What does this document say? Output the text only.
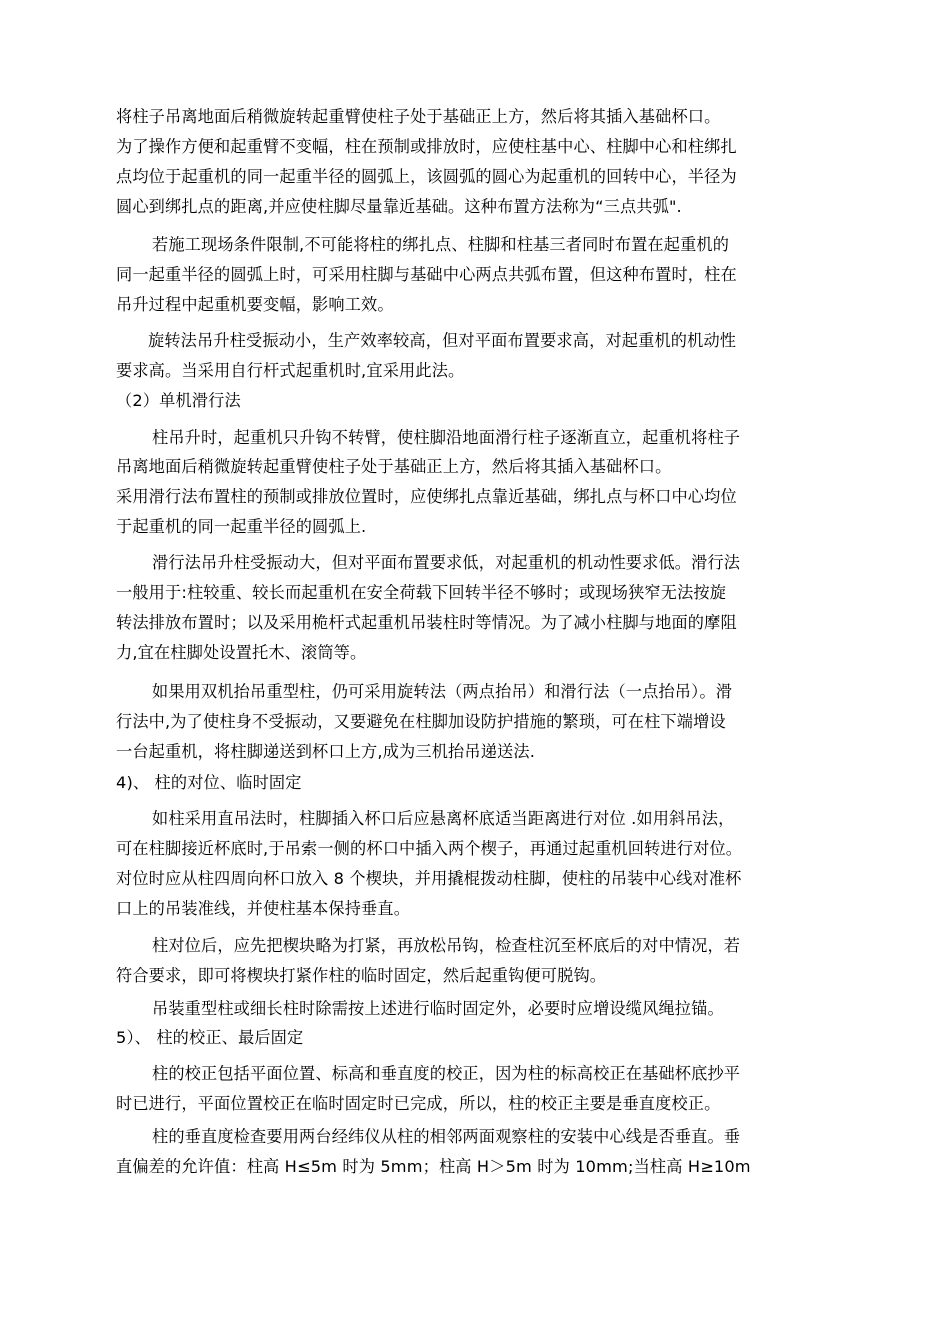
将柱子吊离地面后稍微旋转起重臂使柱子处于基础正上方，然后将其插入基础杯口。
为了操作方便和起重臂不变幅，柱在预制或排放时，应使柱基中心、柱脚中心和柱绑扎
点均位于起重机的同一起重半径的圆弧上，该圆弧的圆心为起重机的回转中心，半径为
圆心到绑扎点的距离,并应使柱脚尽量靠近基础。这种布置方法称为“三点共弧".
若施工现场条件限制,不可能将柱的绑扎点、柱脚和柱基三者同时布置在起重机的
同一起重半径的圆弧上时，可采用柱脚与基础中心两点共弧布置，但这种布置时，柱在
吊升过程中起重机要变幅，影响工效。
旋转法吊升柱受振动小，生产效率较高，但对平面布置要求高，对起重机的机动性
要求高。当采用自行杆式起重机时,宜采用此法。
（2）单机滑行法
柱吊升时，起重机只升钩不转臂，使柱脚沿地面滑行柱子逐渐直立，起重机将柱子
吊离地面后稍微旋转起重臂使柱子处于基础正上方，然后将其插入基础杯口。
采用滑行法布置柱的预制或排放位置时，应使绑扎点靠近基础，绑扎点与杯口中心均位
于起重机的同一起重半径的圆弧上.
滑行法吊升柱受振动大，但对平面布置要求低，对起重机的机动性要求低。滑行法
一般用于:柱较重、较长而起重机在安全荷载下回转半径不够时；或现场狭窄无法按旋
转法排放布置时；以及采用桅杆式起重机吊装柱时等情况。为了减小柱脚与地面的摩阻
力,宜在柱脚处设置托木、滚筒等。
如果用双机抬吊重型柱，仍可采用旋转法（两点抬吊）和滑行法（一点抬吊）。滑
行法中,为了使柱身不受振动，又要避免在柱脚加设防护措施的繁琐，可在柱下端增设
一台起重机，将柱脚递送到杯口上方,成为三机抬吊递送法.
4)、 柱的对位、临时固定
如柱采用直吊法时，柱脚插入杯口后应悬离杯底适当距离进行对位 .如用斜吊法，
可在柱脚接近杯底时,于吊索一侧的杯口中插入两个楔子，再通过起重机回转进行对位。
对位时应从柱四周向杯口放入 8 个楔块，并用撬棍拨动柱脚，使柱的吊装中心线对准杯
口上的吊装准线，并使柱基本保持垂直。
柱对位后，应先把楔块略为打紧，再放松吊钩，检查柱沉至杯底后的对中情况，若
符合要求，即可将楔块打紧作柱的临时固定，然后起重钩便可脱钩。
吊装重型柱或细长柱时除需按上述进行临时固定外，必要时应增设缆风绳拉锚。
5）、 柱的校正、最后固定
柱的校正包括平面位置、标高和垂直度的校正，因为柱的标高校正在基础杯底抄平
时已进行，平面位置校正在临时固定时已完成，所以，柱的校正主要是垂直度校正。
柱的垂直度检查要用两台经纬仪从柱的相邻两面观察柱的安装中心线是否垂直。垂
直偏差的允许值：柱高 H≤5m 时为 5mm；柱高 H＞5m 时为 10mm;当柱高 H≥10m
